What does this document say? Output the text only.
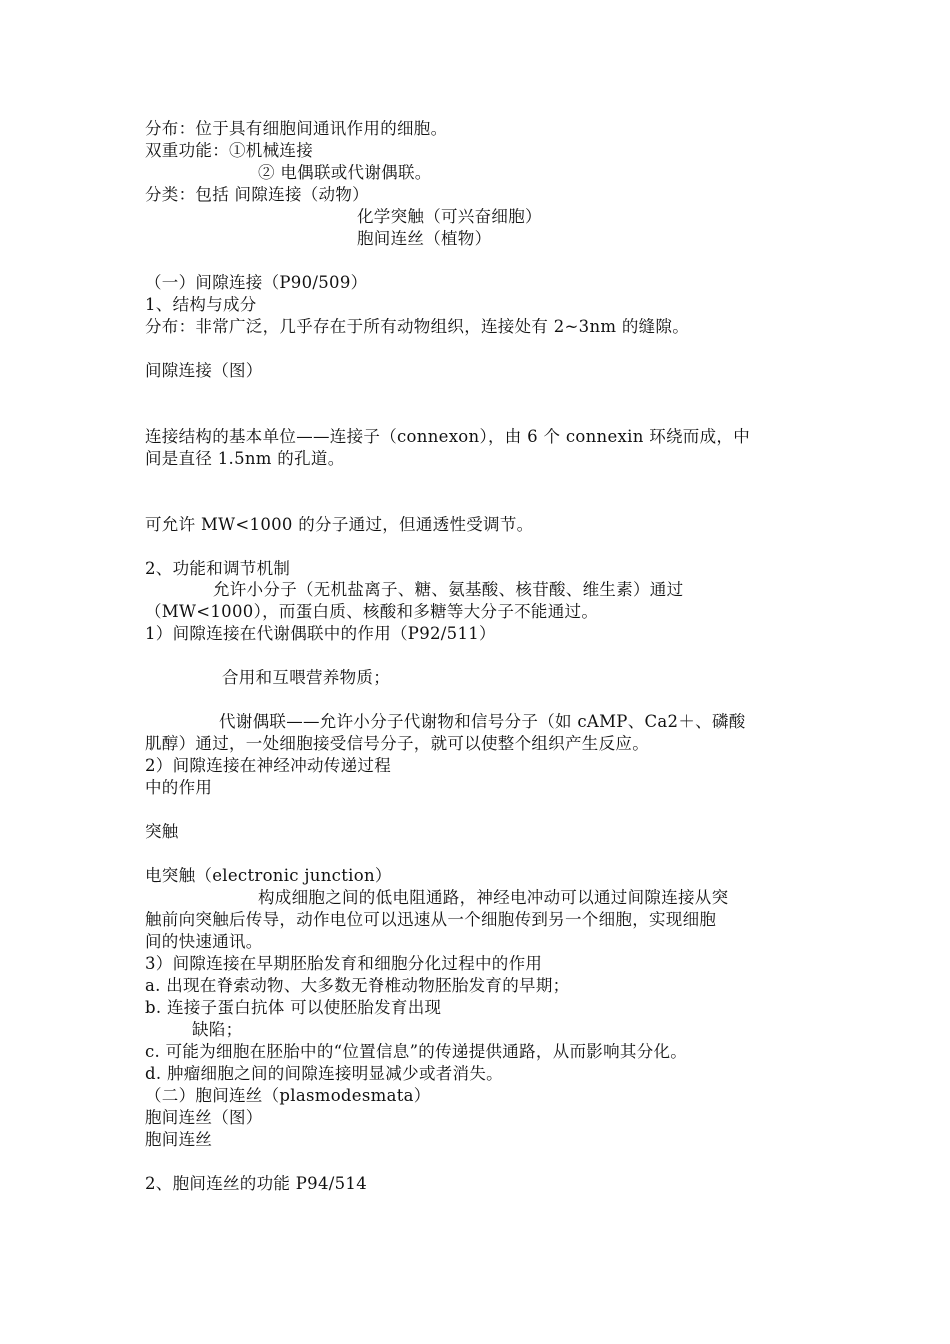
分布：位于具有细胞间通讯作用的细胞。
双重功能：①机械连接
② 电偶联或代谢偶联。
分类：包括 间隙连接（动物）
化学突触（可兴奋细胞）
胞间连丝（植物）
（一）间隙连接（P90/509）
1、结构与成分
分布：非常广泛，几乎存在于所有动物组织，连接处有 2~3nm 的缝隙。
间隙连接（图）
连接结构的基本单位——连接子（connexon），由 6 个 connexin 环绕而成，中
间是直径 1.5nm 的孔道。
可允许 MW<1000 的分子通过，但通透性受调节。
2、功能和调节机制
允许小分子（无机盐离子、糖、氨基酸、核苷酸、维生素）通过
（MW<1000），而蛋白质、核酸和多糖等大分子不能通过。
1）间隙连接在代谢偶联中的作用（P92/511）
合用和互喂营养物质；
代谢偶联——允许小分子代谢物和信号分子（如 cAMP、Ca2＋、磷酸
肌醇）通过，一处细胞接受信号分子，就可以使整个组织产生反应。
2）间隙连接在神经冲动传递过程
中的作用
突触
电突触（electronic junction）
构成细胞之间的低电阻通路，神经电冲动可以通过间隙连接从突
触前向突触后传导，动作电位可以迅速从一个细胞传到另一个细胞，实现细胞
间的快速通讯。
3）间隙连接在早期胚胎发育和细胞分化过程中的作用
a. 出现在脊索动物、大多数无脊椎动物胚胎发育的早期；
b. 连接子蛋白抗体 可以使胚胎发育出现
缺陷；
c. 可能为细胞在胚胎中的“位置信息”的传递提供通路，从而影响其分化。
d. 肿瘤细胞之间的间隙连接明显减少或者消失。
（二）胞间连丝（plasmodesmata）
胞间连丝（图）
胞间连丝
2、胞间连丝的功能 P94/514
